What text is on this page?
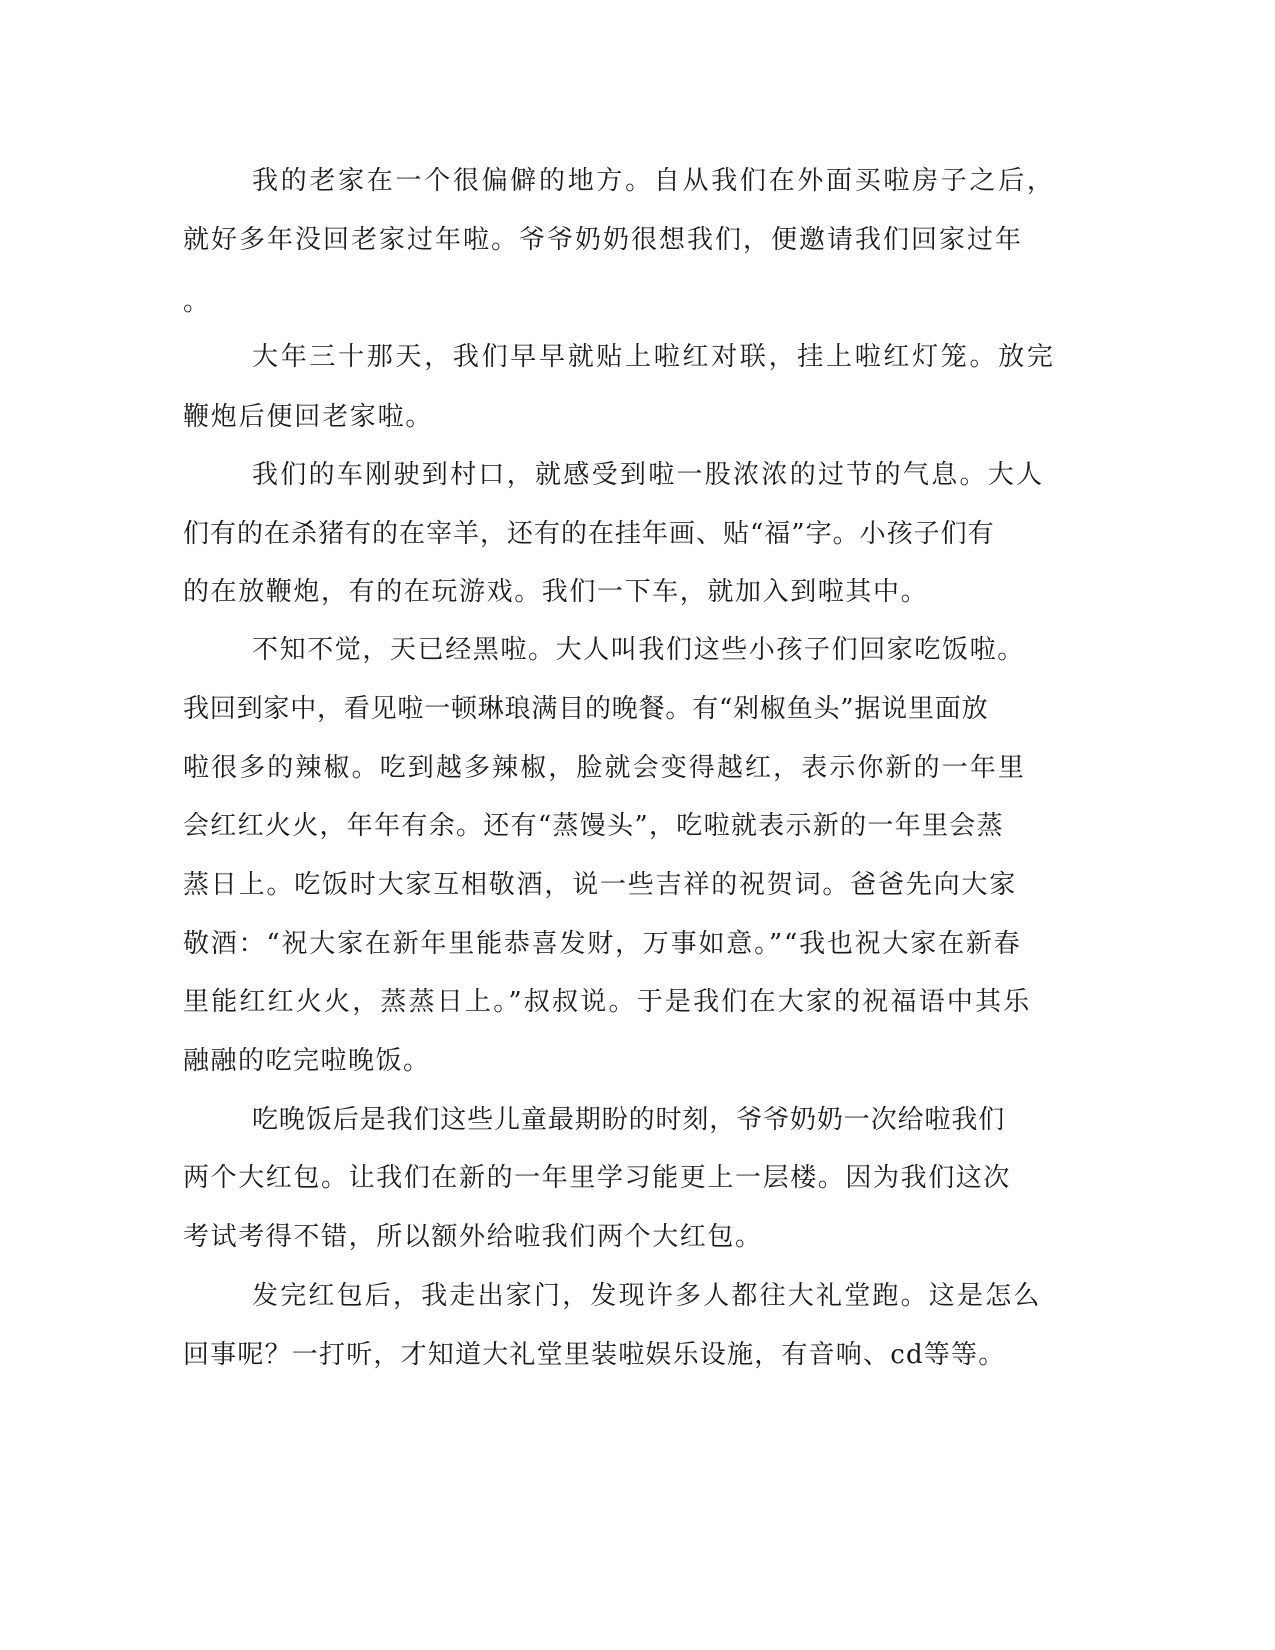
我的老家在一个很偏僻的地方。自从我们在外面买啦房子之后，

就好多年没回老家过年啦。爷爷奶奶很想我们，便邀请我们回家过年

。

大年三十那天，我们早早就贴上啦红对联，挂上啦红灯笼。放完

鞭炮后便回老家啦。

我们的车刚驶到村口，就感受到啦一股浓浓的过节的气息。大人

们有的在杀猪有的在宰羊，还有的在挂年画、贴“福”字。小孩子们有

的在放鞭炮，有的在玩游戏。我们一下车，就加入到啦其中。

不知不觉，天已经黑啦。大人叫我们这些小孩子们回家吃饭啦。

我回到家中，看见啦一顿琳琅满目的晚餐。有“剁椒鱼头”据说里面放

啦很多的辣椒。吃到越多辣椒，脸就会变得越红，表示你新的一年里

会红红火火，年年有余。还有“蒸馒头”，吃啦就表示新的一年里会蒸

蒸日上。吃饭时大家互相敬酒，说一些吉祥的祝贺词。爸爸先向大家

敬酒：“祝大家在新年里能恭喜发财，万事如意。”“我也祝大家在新春

里能红红火火，蒸蒸日上。”叔叔说。于是我们在大家的祝福语中其乐

融融的吃完啦晚饭。

吃晚饭后是我们这些儿童最期盼的时刻，爷爷奶奶一次给啦我们

两个大红包。让我们在新的一年里学习能更上一层楼。因为我们这次

考试考得不错，所以额外给啦我们两个大红包。

发完红包后，我走出家门，发现许多人都往大礼堂跑。这是怎么

回事呢？一打听，才知道大礼堂里装啦娱乐设施，有音响、cd等等。
